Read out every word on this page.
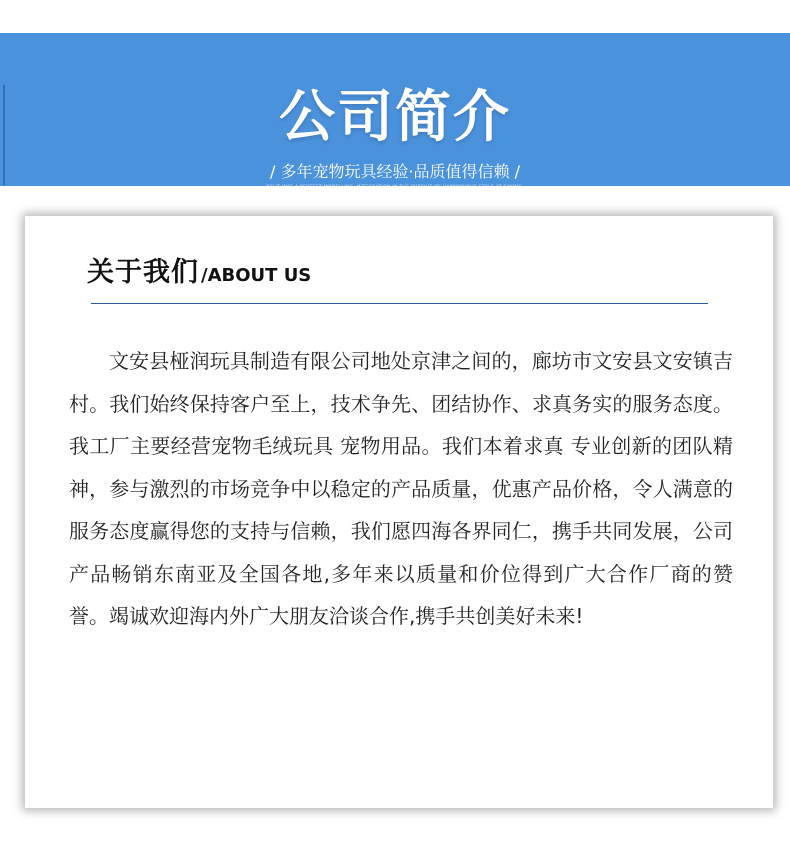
公司简介
/ 多年宠物玩具经验·品质值得信赖 /
BELIT WAS A PERFECT MODELLING, INTEGRATION IN THE PURSUIT OF HARMONIOUS STYLE AT SAYING, DESTINATION AND OTHER FUNCTIONS TO SSP VISUAL BEAUTY SIMPLICITY, ACHIEVING
关于我们 /ABOUT US

文安县桠润玩具制造有限公司地处京津之间的，廊坊市文安县文安镇吉村。我们始终保持客户至上，技术争先、团结协作、求真务实的服务态度。我工厂主要经营宠物毛绒玩具 宠物用品。我们本着求真 专业创新的团队精神，参与激烈的市场竞争中以稳定的产品质量，优惠产品价格，令人满意的服务态度赢得您的支持与信赖，我们愿四海各界同仁，携手共同发展，公司产品畅销东南亚及全国各地,多年来以质量和价位得到广大合作厂商的赞誉。竭诚欢迎海内外广大朋友洽谈合作,携手共创美好未来!
